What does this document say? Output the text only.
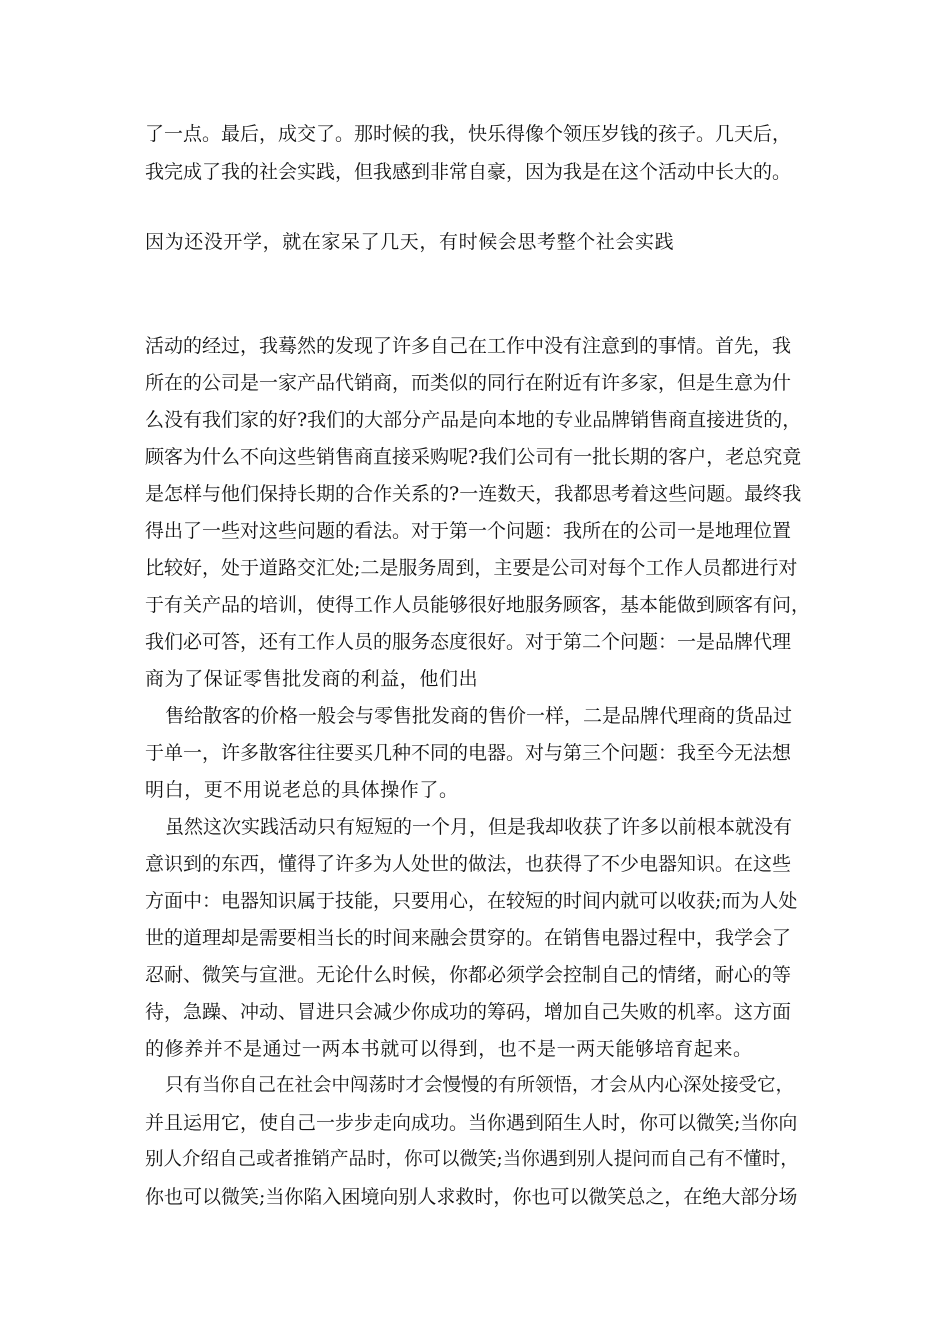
了一点。最后，成交了。那时候的我，快乐得像个领压岁钱的孩子。几天后，

我完成了我的社会实践，但我感到非常自豪，因为我是在这个活动中长大的。

因为还没开学，就在家呆了几天，有时候会思考整个社会实践

活动的经过，我蓦然的发现了许多自己在工作中没有注意到的事情。首先，我

所在的公司是一家产品代销商，而类似的同行在附近有许多家，但是生意为什

么没有我们家的好?我们的大部分产品是向本地的专业品牌销售商直接进货的，

顾客为什么不向这些销售商直接采购呢?我们公司有一批长期的客户，老总究竟

是怎样与他们保持长期的合作关系的?一连数天，我都思考着这些问题。最终我

得出了一些对这些问题的看法。对于第一个问题：我所在的公司一是地理位置

比较好，处于道路交汇处;二是服务周到，主要是公司对每个工作人员都进行对

于有关产品的培训，使得工作人员能够很好地服务顾客，基本能做到顾客有问，

我们必可答，还有工作人员的服务态度很好。对于第二个问题：一是品牌代理

商为了保证零售批发商的利益，他们出

售给散客的价格一般会与零售批发商的售价一样，二是品牌代理商的货品过

于单一，许多散客往往要买几种不同的电器。对与第三个问题：我至今无法想

明白，更不用说老总的具体操作了。

虽然这次实践活动只有短短的一个月，但是我却收获了许多以前根本就没有

意识到的东西，懂得了许多为人处世的做法，也获得了不少电器知识。在这些

方面中：电器知识属于技能，只要用心，在较短的时间内就可以收获;而为人处

世的道理却是需要相当长的时间来融会贯穿的。在销售电器过程中，我学会了

忍耐、微笑与宣泄。无论什么时候，你都必须学会控制自己的情绪，耐心的等

待，急躁、冲动、冒进只会减少你成功的筹码，增加自己失败的机率。这方面

的修养并不是通过一两本书就可以得到，也不是一两天能够培育起来。

只有当你自己在社会中闯荡时才会慢慢的有所领悟，才会从内心深处接受它，

并且运用它，使自己一步步走向成功。当你遇到陌生人时，你可以微笑;当你向

别人介绍自己或者推销产品时，你可以微笑;当你遇到别人提问而自己有不懂时，

你也可以微笑;当你陷入困境向别人求救时，你也可以微笑总之，在绝大部分场
